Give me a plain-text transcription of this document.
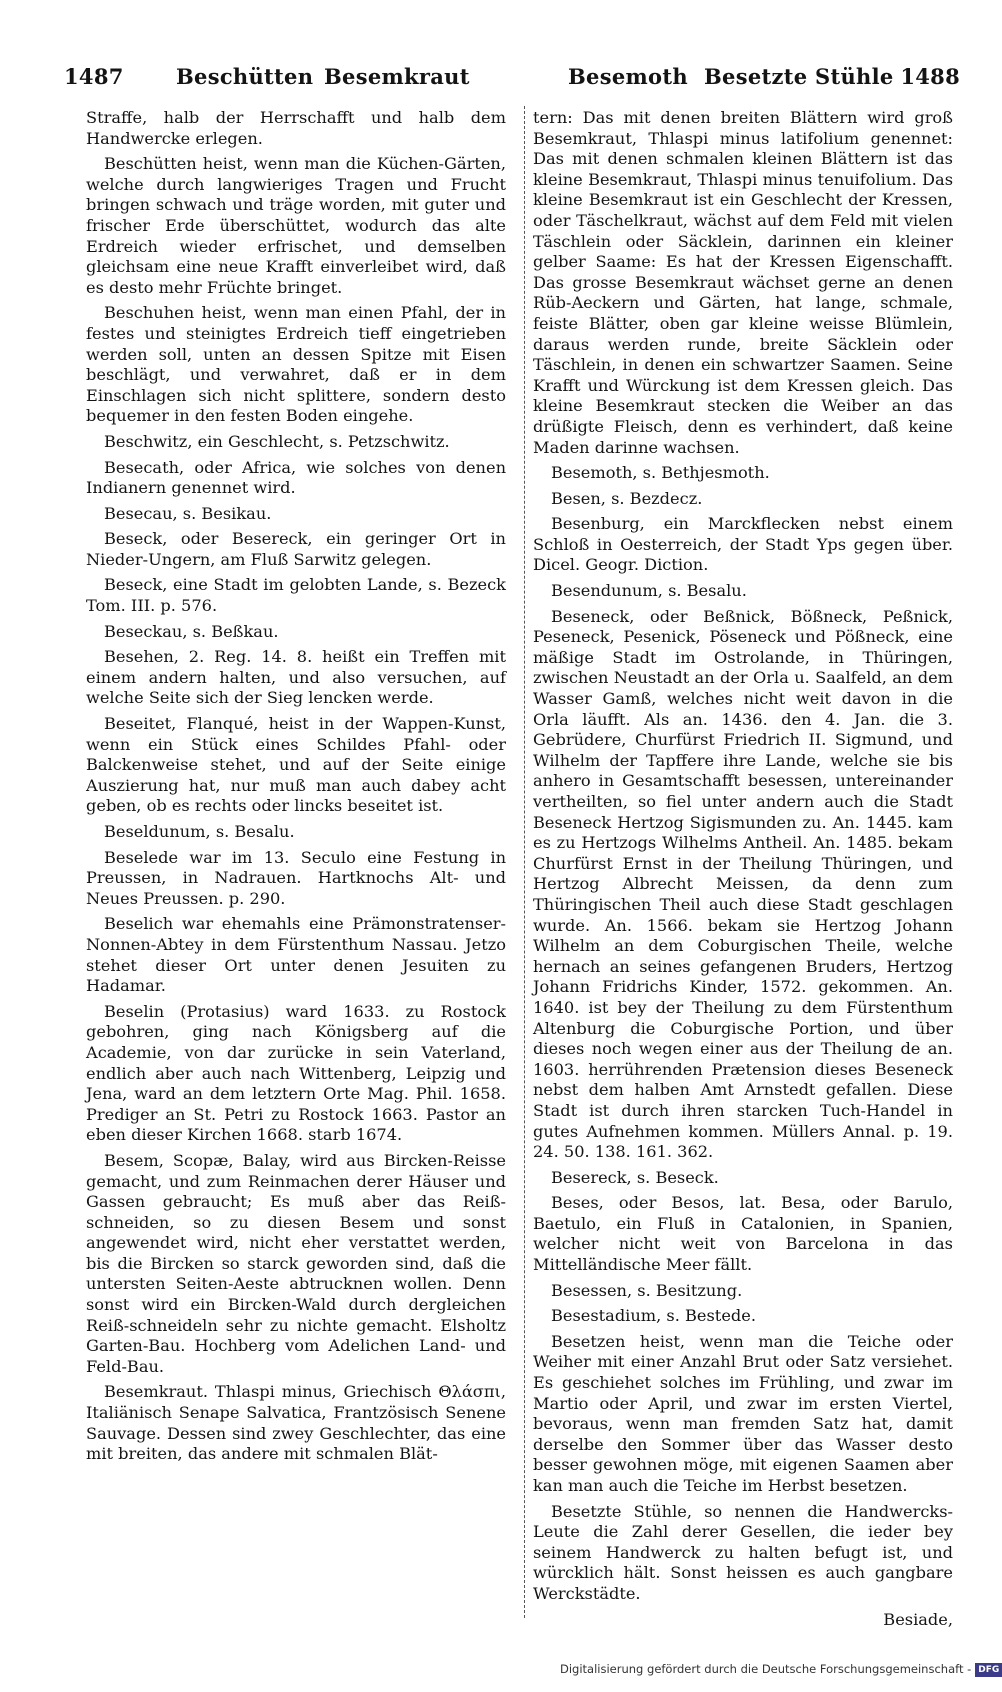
1487 Beschütten Besemkraut	Besemoth Besetzte Stühle 1488

Straffe, halb der Herrschafft und halb dem Handwercke erlegen.

Beschütten heist, wenn man die Küchen-Gärten, welche durch langwieriges Tragen und Frucht bringen schwach und träge worden, mit guter und frischer Erde überschüttet, wodurch das alte Erdreich wieder erfrischet, und demselben gleichsam eine neue Krafft einverleibet wird, daß es desto mehr Früchte bringet.

Beschuhen heist, wenn man einen Pfahl, der in festes und steinigtes Erdreich tieff eingetrieben werden soll, unten an dessen Spitze mit Eisen beschlägt, und verwahret, daß er in dem Einschlagen sich nicht splittere, sondern desto bequemer in den festen Boden eingehe.

Beschwitz, ein Geschlecht, s. Petzschwitz.

Besecath, oder Africa, wie solches von denen Indianern genennet wird.

Besecau, s. Besikau.

Beseck, oder Besereck, ein geringer Ort in Nieder-Ungern, am Fluß Sarwitz gelegen.

Beseck, eine Stadt im gelobten Lande, s. Bezeck Tom. III. p. 576.

Beseckau, s. Beßkau.

Besehen, 2. Reg. 14. 8. heißt ein Treffen mit einem andern halten, und also versuchen, auf welche Seite sich der Sieg lencken werde.

Beseitet, Flanqué, heist in der Wappen-Kunst, wenn ein Stück eines Schildes Pfahl- oder Balckenweise stehet, und auf der Seite einige Auszierung hat, nur muß man auch dabey acht geben, ob es rechts oder lincks beseitet ist.

Beseldunum, s. Besalu.

Beselede war im 13. Seculo eine Festung in Preussen, in Nadrauen. Hartknochs Alt- und Neues Preussen. p. 290.

Beselich war ehemahls eine Prämonstratenser-Nonnen-Abtey in dem Fürstenthum Nassau. Jetzo stehet dieser Ort unter denen Jesuiten zu Hadamar.

Beselin (Protasius) ward 1633. zu Rostock gebohren, ging nach Königsberg auf die Academie, von dar zurücke in sein Vaterland, endlich aber auch nach Wittenberg, Leipzig und Jena, ward an dem letztern Orte Mag. Phil. 1658. Prediger an St. Petri zu Rostock 1663. Pastor an eben dieser Kirchen 1668. starb 1674.

Besem, Scopæ, Balay, wird aus Bircken-Reisse gemacht, und zum Reinmachen derer Häuser und Gassen gebraucht; Es muß aber das Reiß-schneiden, so zu diesen Besem und sonst angewendet wird, nicht eher verstattet werden, bis die Bircken so starck geworden sind, daß die untersten Seiten-Aeste abtrucknen wollen. Denn sonst wird ein Bircken-Wald durch dergleichen Reiß-schneideln sehr zu nichte gemacht. Elsholtz Garten-Bau. Hochberg vom Adelichen Land- und Feld-Bau.

Besemkraut. Thlaspi minus, Griechisch Θλάσπι, Italiänisch Senape Salvatica, Frantzösisch Senene Sauvage. Dessen sind zwey Geschlechter, das eine mit breiten, das andere mit schmalen Blät-

tern: Das mit denen breiten Blättern wird groß Besemkraut, Thlaspi minus latifolium genennet: Das mit denen schmalen kleinen Blättern ist das kleine Besemkraut, Thlaspi minus tenuifolium. Das kleine Besemkraut ist ein Geschlecht der Kressen, oder Täschelkraut, wächst auf dem Feld mit vielen Täschlein oder Säcklein, darinnen ein kleiner gelber Saame: Es hat der Kressen Eigenschafft. Das grosse Besemkraut wächset gerne an denen Rüb-Aeckern und Gärten, hat lange, schmale, feiste Blätter, oben gar kleine weisse Blümlein, daraus werden runde, breite Säcklein oder Täschlein, in denen ein schwartzer Saamen. Seine Krafft und Würckung ist dem Kressen gleich. Das kleine Besemkraut stecken die Weiber an das drüßigte Fleisch, denn es verhindert, daß keine Maden darinne wachsen.

Besemoth, s. Bethjesmoth.

Besen, s. Bezdecz.

Besenburg, ein Marckflecken nebst einem Schloß in Oesterreich, der Stadt Yps gegen über. Dicel. Geogr. Diction.

Besendunum, s. Besalu.

Beseneck, oder Beßnick, Bößneck, Peßnick, Peseneck, Pesenick, Pöseneck und Pößneck, eine mäßige Stadt im Ostrolande, in Thüringen, zwischen Neustadt an der Orla u. Saalfeld, an dem Wasser Gamß, welches nicht weit davon in die Orla läufft. Als an. 1436. den 4. Jan. die 3. Gebrüdere, Churfürst Friedrich II. Sigmund, und Wilhelm der Tapffere ihre Lande, welche sie bis anhero in Gesamtschafft besessen, untereinander vertheilten, so fiel unter andern auch die Stadt Beseneck Hertzog Sigismunden zu. An. 1445. kam es zu Hertzogs Wilhelms Antheil. An. 1485. bekam Churfürst Ernst in der Theilung Thüringen, und Hertzog Albrecht Meissen, da denn zum Thüringischen Theil auch diese Stadt geschlagen wurde. An. 1566. bekam sie Hertzog Johann Wilhelm an dem Coburgischen Theile, welche hernach an seines gefangenen Bruders, Hertzog Johann Fridrichs Kinder, 1572. gekommen. An. 1640. ist bey der Theilung zu dem Fürstenthum Altenburg die Coburgische Portion, und über dieses noch wegen einer aus der Theilung de an. 1603. herrührenden Prætension dieses Beseneck nebst dem halben Amt Arnstedt gefallen. Diese Stadt ist durch ihren starcken Tuch-Handel in gutes Aufnehmen kommen. Müllers Annal. p. 19. 24. 50. 138. 161. 362.

Besereck, s. Beseck.

Beses, oder Besos, lat. Besa, oder Barulo, Baetulo, ein Fluß in Catalonien, in Spanien, welcher nicht weit von Barcelona in das Mittelländische Meer fällt.

Besessen, s. Besitzung.

Besestadium, s. Bestede.

Besetzen heist, wenn man die Teiche oder Weiher mit einer Anzahl Brut oder Satz versiehet. Es geschiehet solches im Frühling, und zwar im Martio oder April, und zwar im ersten Viertel, bevoraus, wenn man fremden Satz hat, damit derselbe den Sommer über das Wasser desto besser gewohnen möge, mit eigenen Saamen aber kan man auch die Teiche im Herbst besetzen.

Besetzte Stühle, so nennen die Handwercks-Leute die Zahl derer Gesellen, die ieder bey seinem Handwerck zu halten befugt ist, und würcklich hält. Sonst heissen es auch gangbare Werckstädte.

Besiade,

Digitalisierung gefördert durch die Deutsche Forschungsgemeinschaft - DFG
